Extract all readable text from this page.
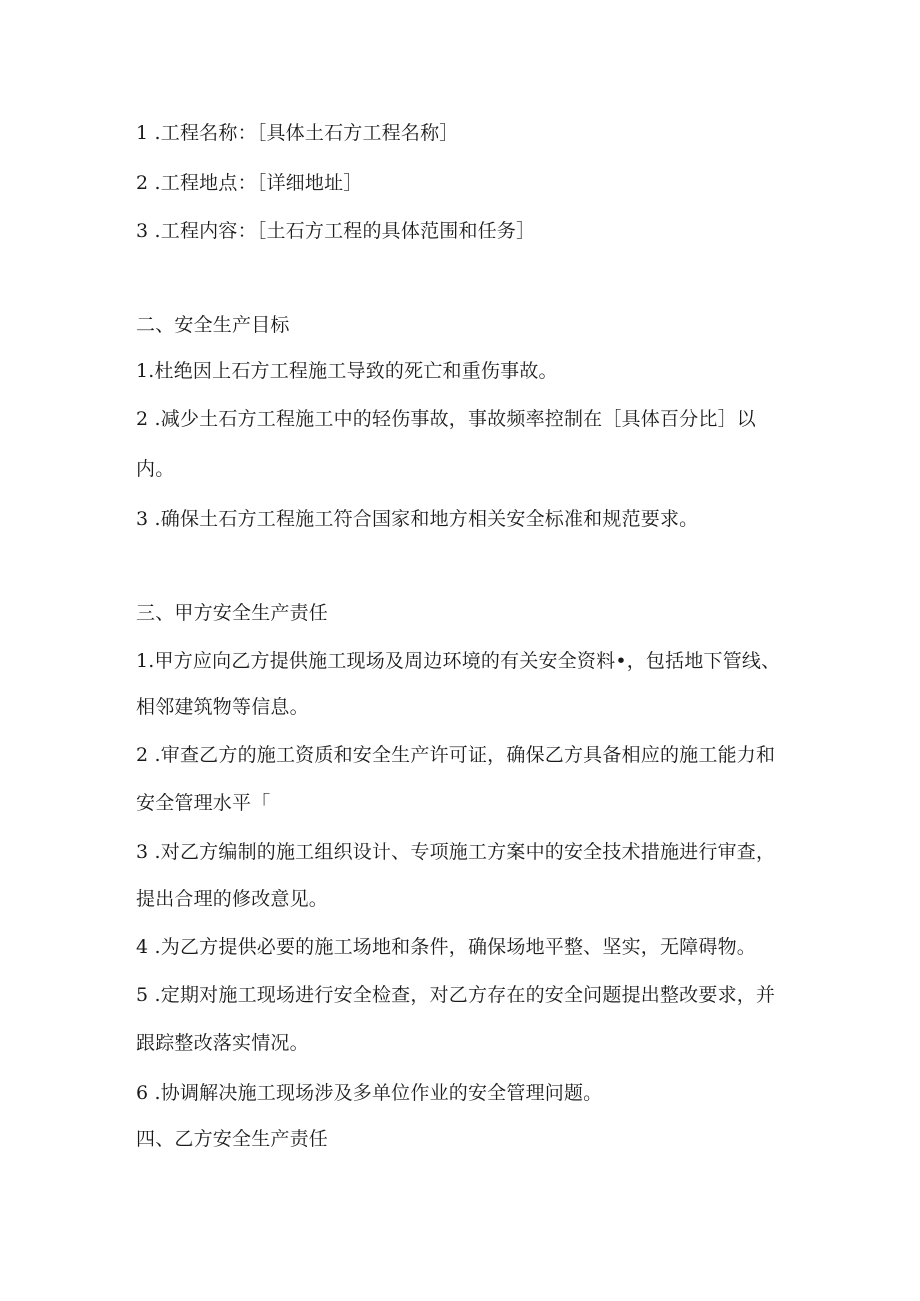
1 .工程名称：［具体土石方工程名称］
2 .工程地点：［详细地址］
3 .工程内容：［土石方工程的具体范围和任务］
二、安全生产目标
1.杜绝因上石方工程施工导致的死亡和重伤事故。
2 .减少土石方工程施工中的轻伤事故，事故频率控制在［具体百分比］以
内。
3 .确保土石方工程施工符合国家和地方相关安全标准和规范要求。
三、甲方安全生产责任
1.甲方应向乙方提供施工现场及周边环境的有关安全资料•，包括地下管线、
相邻建筑物等信息。
2 .审查乙方的施工资质和安全生产许可证，确保乙方具备相应的施工能力和
安全管理水平「
3 .对乙方编制的施工组织设计、专项施工方案中的安全技术措施进行审查，
提出合理的修改意见。
4 .为乙方提供必要的施工场地和条件，确保场地平整、坚实，无障碍物。
5 .定期对施工现场进行安全检查，对乙方存在的安全问题提出整改要求，并
跟踪整改落实情况。
6 .协调解决施工现场涉及多单位作业的安全管理问题。
四、乙方安全生产责任
